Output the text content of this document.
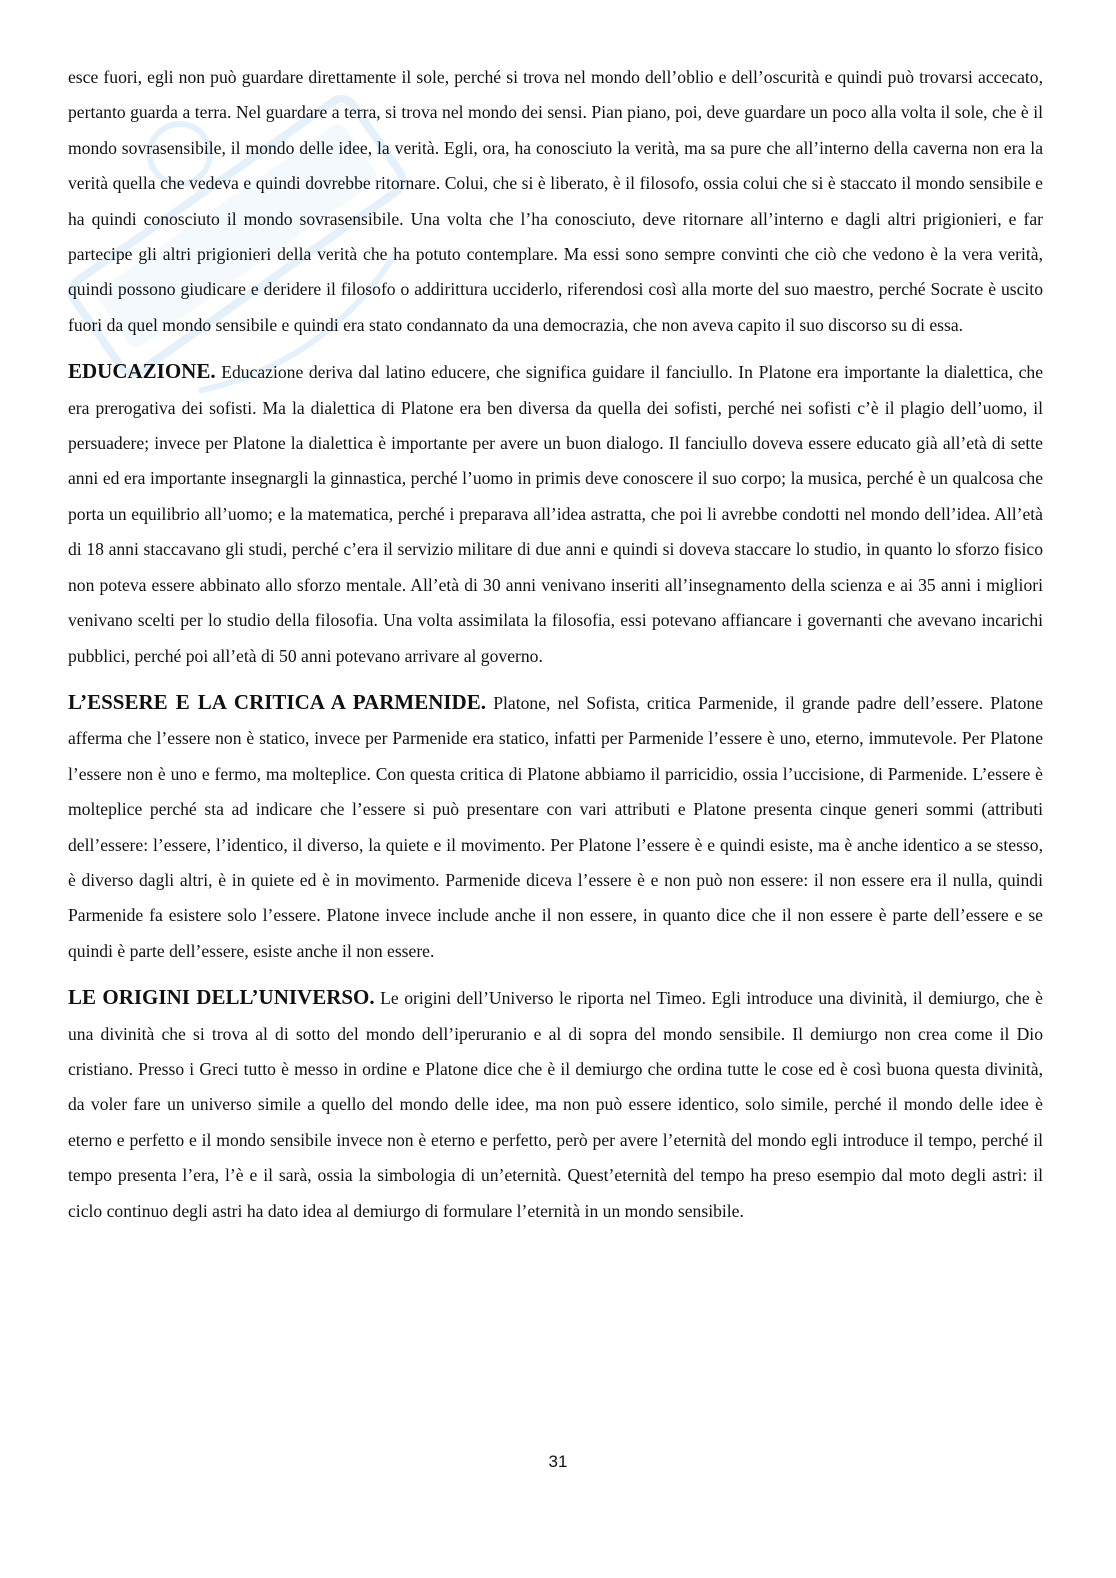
esce fuori, egli non può guardare direttamente il sole, perché si trova nel mondo dell’oblio e dell’oscurità e quindi può trovarsi accecato, pertanto guarda a terra. Nel guardare a terra, si trova nel mondo dei sensi. Pian piano, poi, deve guardare un poco alla volta il sole, che è il mondo sovrasensibile, il mondo delle idee, la verità. Egli, ora, ha conosciuto la verità, ma sa pure che all’interno della caverna non era la verità quella che vedeva e quindi dovrebbe ritornare. Colui, che si è liberato, è il filosofo, ossia colui che si è staccato il mondo sensibile e ha quindi conosciuto il mondo sovrasensibile. Una volta che l’ha conosciuto, deve ritornare all’interno e dagli altri prigionieri, e far partecipe gli altri prigionieri della verità che ha potuto contemplare. Ma essi sono sempre convinti che ciò che vedono è la vera verità, quindi possono giudicare e deridere il filosofo o addirittura ucciderlo, riferendosi così alla morte del suo maestro, perché Socrate è uscito fuori da quel mondo sensibile e quindi era stato condannato da una democrazia, che non aveva capito il suo discorso su di essa.

EDUCAZIONE. Educazione deriva dal latino educere, che significa guidare il fanciullo. In Platone era importante la dialettica, che era prerogativa dei sofisti. Ma la dialettica di Platone era ben diversa da quella dei sofisti, perché nei sofisti c’è il plagio dell’uomo, il persuadere; invece per Platone la dialettica è importante per avere un buon dialogo. Il fanciullo doveva essere educato già all’età di sette anni ed era importante insegnargli la ginnastica, perché l’uomo in primis deve conoscere il suo corpo; la musica, perché è un qualcosa che porta un equilibrio all’uomo; e la matematica, perché i preparava all’idea astratta, che poi li avrebbe condotti nel mondo dell’idea. All’età di 18 anni staccavano gli studi, perché c’era il servizio militare di due anni e quindi si doveva staccare lo studio, in quanto lo sforzo fisico non poteva essere abbinato allo sforzo mentale. All’età di 30 anni venivano inseriti all’insegnamento della scienza e ai 35 anni i migliori venivano scelti per lo studio della filosofia. Una volta assimilata la filosofia, essi potevano affiancare i governanti che avevano incarichi pubblici, perché poi all’età di 50 anni potevano arrivare al governo.

L’ESSERE E LA CRITICA A PARMENIDE. Platone, nel Sofista, critica Parmenide, il grande padre dell’essere. Platone afferma che l’essere non è statico, invece per Parmenide era statico, infatti per Parmenide l’essere è uno, eterno, immutevole. Per Platone l’essere non è uno e fermo, ma molteplice. Con questa critica di Platone abbiamo il parricidio, ossia l’uccisione, di Parmenide. L’essere è molteplice perché sta ad indicare che l’essere si può presentare con vari attributi e Platone presenta cinque generi sommi (attributi dell’essere: l’essere, l’identico, il diverso, la quiete e il movimento. Per Platone l’essere è e quindi esiste, ma è anche identico a se stesso, è diverso dagli altri, è in quiete ed è in movimento. Parmenide diceva l’essere è e non può non essere: il non essere era il nulla, quindi Parmenide fa esistere solo l’essere. Platone invece include anche il non essere, in quanto dice che il non essere è parte dell’essere e se quindi è parte dell’essere, esiste anche il non essere.

LE ORIGINI DELL’UNIVERSO. Le origini dell’Universo le riporta nel Timeo. Egli introduce una divinità, il demiurgo, che è una divinità che si trova al di sotto del mondo dell’iperuranio e al di sopra del mondo sensibile. Il demiurgo non crea come il Dio cristiano. Presso i Greci tutto è messo in ordine e Platone dice che è il demiurgo che ordina tutte le cose ed è così buona questa divinità, da voler fare un universo simile a quello del mondo delle idee, ma non può essere identico, solo simile, perché il mondo delle idee è eterno e perfetto e il mondo sensibile invece non è eterno e perfetto, però per avere l’eternità del mondo egli introduce il tempo, perché il tempo presenta l’era, l’è e il sarà, ossia la simbologia di un’eternità. Quest’eternità del tempo ha preso esempio dal moto degli astri: il ciclo continuo degli astri ha dato idea al demiurgo di formulare l’eternità in un mondo sensibile.

31
